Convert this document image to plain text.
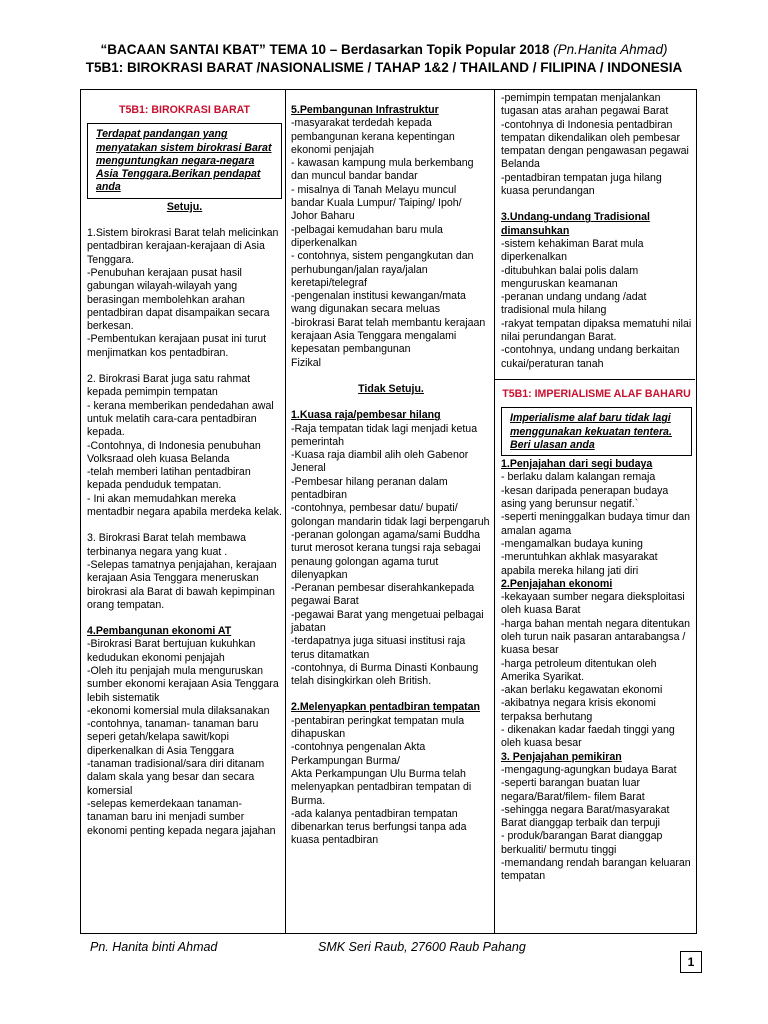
“BACAAN SANTAI KBAT” TEMA 10 – Berdasarkan Topik Popular 2018 (Pn.Hanita Ahmad)
T5B1: BIROKRASI BARAT /NASIONALISME / TAHAP 1&2 / THAILAND / FILIPINA / INDONESIA

T5B1: BIROKRASI BARAT

Terdapat pandangan yang menyatakan sistem birokrasi Barat menguntungkan negara-negara Asia Tenggara.Berikan pendapat anda

Setuju.

1.Sistem birokrasi Barat telah melicinkan pentadbiran kerajaan-kerajaan di Asia Tenggara.

-Penubuhan kerajaan pusat hasil gabungan wilayah-wilayah yang berasingan membolehkan arahan pentadbiran dapat disampaikan secara berkesan.

-Pembentukan kerajaan pusat ini turut menjimatkan kos pentadbiran.

2. Birokrasi Barat juga satu rahmat kepada pemimpin tempatan

- kerana memberikan pendedahan awal untuk melatih cara-cara pentadbiran kepada.

-Contohnya, di Indonesia penubuhan Volksraad oleh kuasa Belanda

-telah memberi latihan pentadbiran kepada penduduk tempatan.

- Ini akan memudahkan mereka mentadbir negara apabila merdeka kelak.

3. Birokrasi Barat telah membawa terbinanya negara yang kuat .

-Selepas tamatnya penjajahan, kerajaan kerajaan Asia Tenggara meneruskan birokrasi ala Barat di bawah kepimpinan orang tempatan.

4.Pembangunan ekonomi AT

-Birokrasi Barat bertujuan kukuhkan kedudukan ekonomi penjajah

-Oleh itu penjajah mula menguruskan sumber ekonomi kerajaan Asia Tenggara lebih sistematik

-ekonomi komersial mula dilaksanakan

-contohnya, tanaman- tanaman baru seperi getah/kelapa sawit/kopi diperkenalkan di Asia Tenggara

-tanaman tradisional/sara diri ditanam dalam skala yang besar dan secara komersial

-selepas kemerdekaan tanaman-tanaman baru ini menjadi sumber ekonomi penting kepada negara jajahan

5.Pembangunan Infrastruktur

-masyarakat terdedah kepada pembangunan kerana kepentingan ekonomi penjajah

- kawasan kampung mula berkembang dan muncul bandar bandar

- misalnya di Tanah Melayu muncul bandar Kuala Lumpur/ Taiping/ Ipoh/ Johor Baharu

-pelbagai kemudahan baru mula diperkenalkan

- contohnya, sistem pengangkutan dan perhubungan/jalan raya/jalan keretapi/telegraf

-pengenalan institusi kewangan/mata wang digunakan secara meluas

-birokrasi Barat telah membantu kerajaan kerajaan Asia Tenggara mengalami kepesatan pembangunan

Fizikal

Tidak Setuju.

1.Kuasa raja/pembesar hilang

-Raja tempatan tidak lagi menjadi ketua pemerintah

-Kuasa raja diambil alih oleh Gabenor Jeneral

-Pembesar hilang peranan dalam pentadbiran

-contohnya, pembesar datu/ bupati/ golongan mandarin tidak lagi berpengaruh

-peranan golongan agama/sami Buddha turut merosot kerana tungsi raja sebagai penaung golongan agama turut dilenyapkan

-Peranan pembesar diserahkankepada pegawai Barat

-pegawai Barat yang mengetuai pelbagai jabatan

-terdapatnya juga situasi institusi raja terus ditamatkan

-contohnya, di Burma Dinasti Konbaung telah disingkirkan oleh British.

2.Melenyapkan pentadbiran tempatan

-pentabiran peringkat tempatan mula dihapuskan

-contohnya pengenalan Akta Perkampungan Burma/

Akta Perkampungan Ulu Burma telah melenyapkan pentadbiran tempatan di Burma.

-ada kalanya pentadbiran tempatan dibenarkan terus berfungsi tanpa ada kuasa pentadbiran

-pemimpin tempatan menjalankan tugasan atas arahan pegawai Barat

-contohnya di Indonesia pentadbiran tempatan dikendalikan oleh pembesar tempatan dengan pengawasan pegawai Belanda

-pentadbiran tempatan juga hilang kuasa perundangan

3.Undang-undang Tradisional dimansuhkan

-sistem kehakiman Barat mula diperkenalkan

-ditubuhkan balai polis dalam menguruskan keamanan

-peranan undang undang /adat tradisional mula hilang

-rakyat tempatan dipaksa mematuhi nilai nilai perundangan Barat.

-contohnya, undang undang berkaitan cukai/peraturan tanah

T5B1: IMPERIALISME ALAF BAHARU

Imperialisme alaf baru tidak lagi menggunakan kekuatan tentera. Beri ulasan anda

1.Penjajahan dari segi budaya

- berlaku dalam kalangan remaja

-kesan daripada penerapan budaya asing yang berunsur negatif.`

-seperti meninggalkan budaya timur dan amalan agama

-mengamalkan budaya kuning

-meruntuhkan akhlak masyarakat apabila mereka hilang jati diri

2.Penjajahan ekonomi

-kekayaan sumber negara dieksploitasi oleh kuasa Barat

-harga bahan mentah negara ditentukan oleh turun naik pasaran antarabangsa / kuasa besar

-harga petroleum ditentukan oleh Amerika Syarikat.

-akan berlaku kegawatan ekonomi

-akibatnya negara krisis ekonomi terpaksa berhutang

- dikenakan kadar faedah tinggi yang oleh kuasa besar

3. Penjajahan pemikiran

-mengagung-agungkan budaya Barat

-seperti barangan buatan luar negara/Barat/filem- filem Barat

-sehingga negara Barat/masyarakat Barat dianggap terbaik dan terpuji

- produk/barangan Barat dianggap berkualiti/ bermutu tinggi

-memandang rendah barangan keluaran tempatan

Pn. Hanita binti Ahmad	SMK Seri Raub, 27600 Raub Pahang
1
